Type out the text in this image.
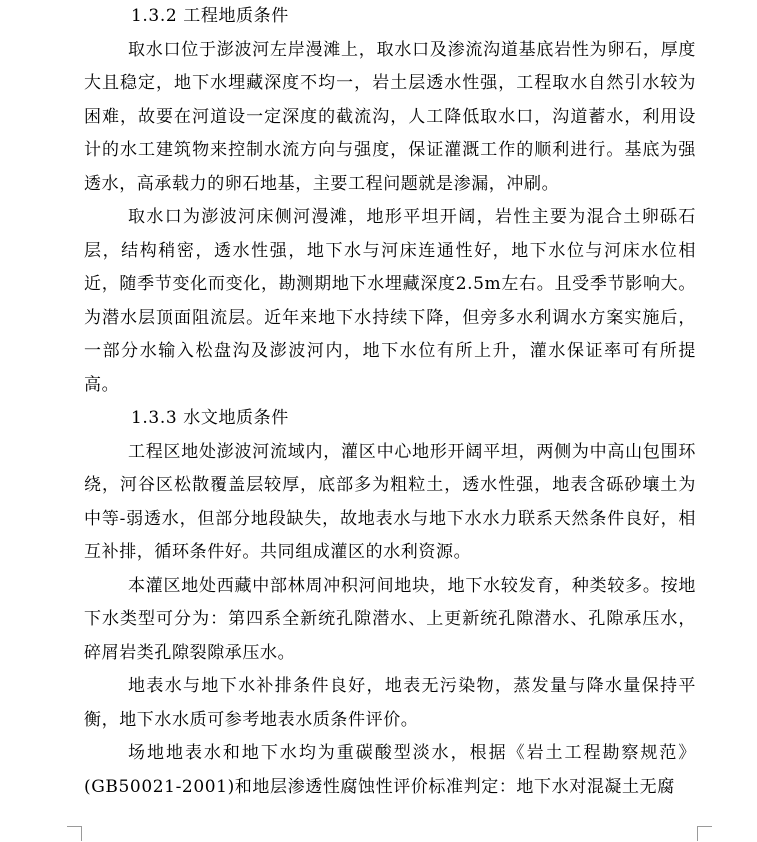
1.3.2 工程地质条件

取水口位于澎波河左岸漫滩上，取水口及渗流沟道基底岩性为卵石，厚度大且稳定，地下水埋藏深度不均一，岩土层透水性强，工程取水自然引水较为困难，故要在河道设一定深度的截流沟，人工降低取水口，沟道蓄水，利用设计的水工建筑物来控制水流方向与强度，保证灌溉工作的顺利进行。基底为强透水，高承载力的卵石地基，主要工程问题就是渗漏，冲刷。

取水口为澎波河床侧河漫滩，地形平坦开阔，岩性主要为混合土卵砾石层，结构稍密，透水性强，地下水与河床连通性好，地下水位与河床水位相近，随季节变化而变化，勘测期地下水埋藏深度2.5m左右。且受季节影响大。为潜水层顶面阻流层。近年来地下水持续下降，但旁多水利调水方案实施后，一部分水输入松盘沟及澎波河内，地下水位有所上升，灌水保证率可有所提高。

1.3.3 水文地质条件

工程区地处澎波河流域内，灌区中心地形开阔平坦，两侧为中高山包围环绕，河谷区松散覆盖层较厚，底部多为粗粒土，透水性强，地表含砾砂壤土为中等-弱透水，但部分地段缺失，故地表水与地下水水力联系天然条件良好，相互补排，循环条件好。共同组成灌区的水利资源。

本灌区地处西藏中部林周冲积河间地块，地下水较发育，种类较多。按地下水类型可分为：第四系全新统孔隙潜水、上更新统孔隙潜水、孔隙承压水，碎屑岩类孔隙裂隙承压水。

地表水与地下水补排条件良好，地表无污染物，蒸发量与降水量保持平衡，地下水水质可参考地表水质条件评价。

场地地表水和地下水均为重碳酸型淡水，根据《岩土工程勘察规范》(GB50021-2001)和地层渗透性腐蚀性评价标准判定：地下水对混凝土无腐
